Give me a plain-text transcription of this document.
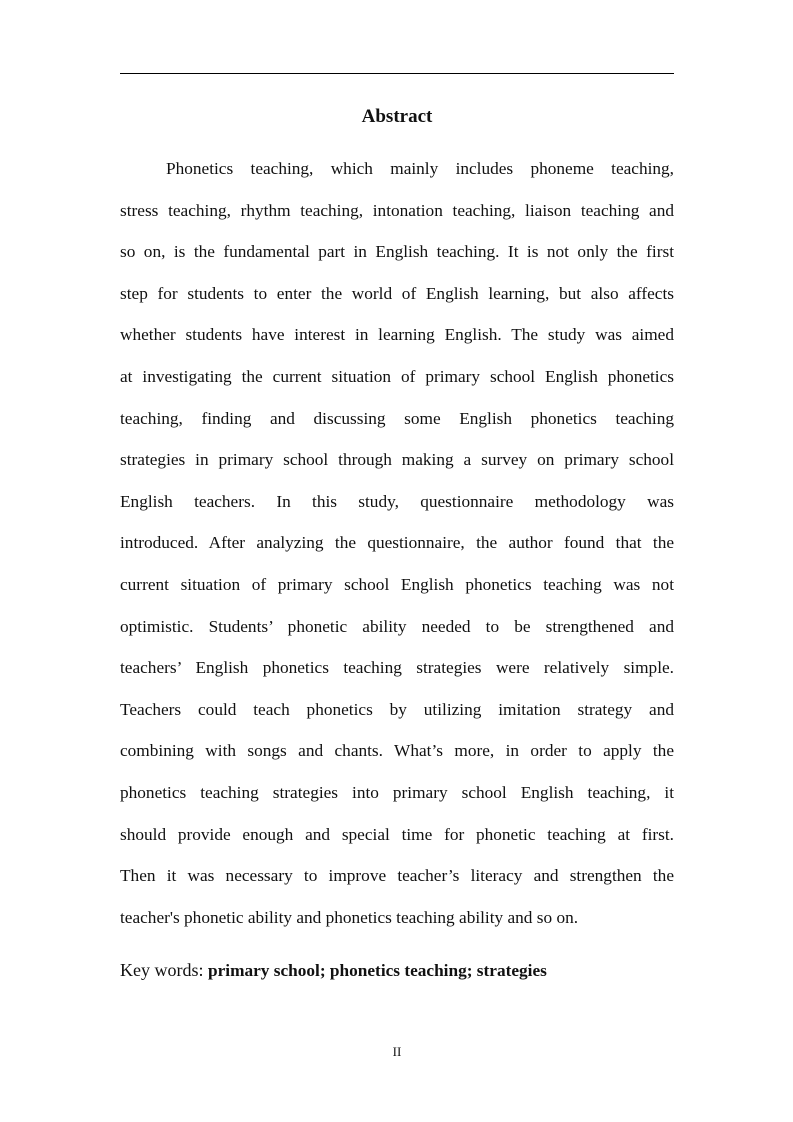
Abstract
Phonetics teaching, which mainly includes phoneme teaching,
stress teaching, rhythm teaching, intonation teaching, liaison teaching and
so on, is the fundamental part in English teaching. It is not only the first
step for students to enter the world of English learning, but also affects
whether students have interest in learning English. The study was aimed
at investigating the current situation of primary school English phonetics
teaching, finding and discussing some English phonetics teaching
strategies in primary school through making a survey on primary school
English teachers. In this study, questionnaire methodology was
introduced. After analyzing the questionnaire, the author found that the
current situation of primary school English phonetics teaching was not
optimistic. Students’ phonetic ability needed to be strengthened and
teachers’ English phonetics teaching strategies were relatively simple.
Teachers could teach phonetics by utilizing imitation strategy and
combining with songs and chants. What’s more, in order to apply the
phonetics teaching strategies into primary school English teaching, it
should provide enough and special time for phonetic teaching at first.
Then it was necessary to improve teacher’s literacy and strengthen the
teacher's phonetic ability and phonetics teaching ability and so on.
Key words: primary school; phonetics teaching; strategies
II
